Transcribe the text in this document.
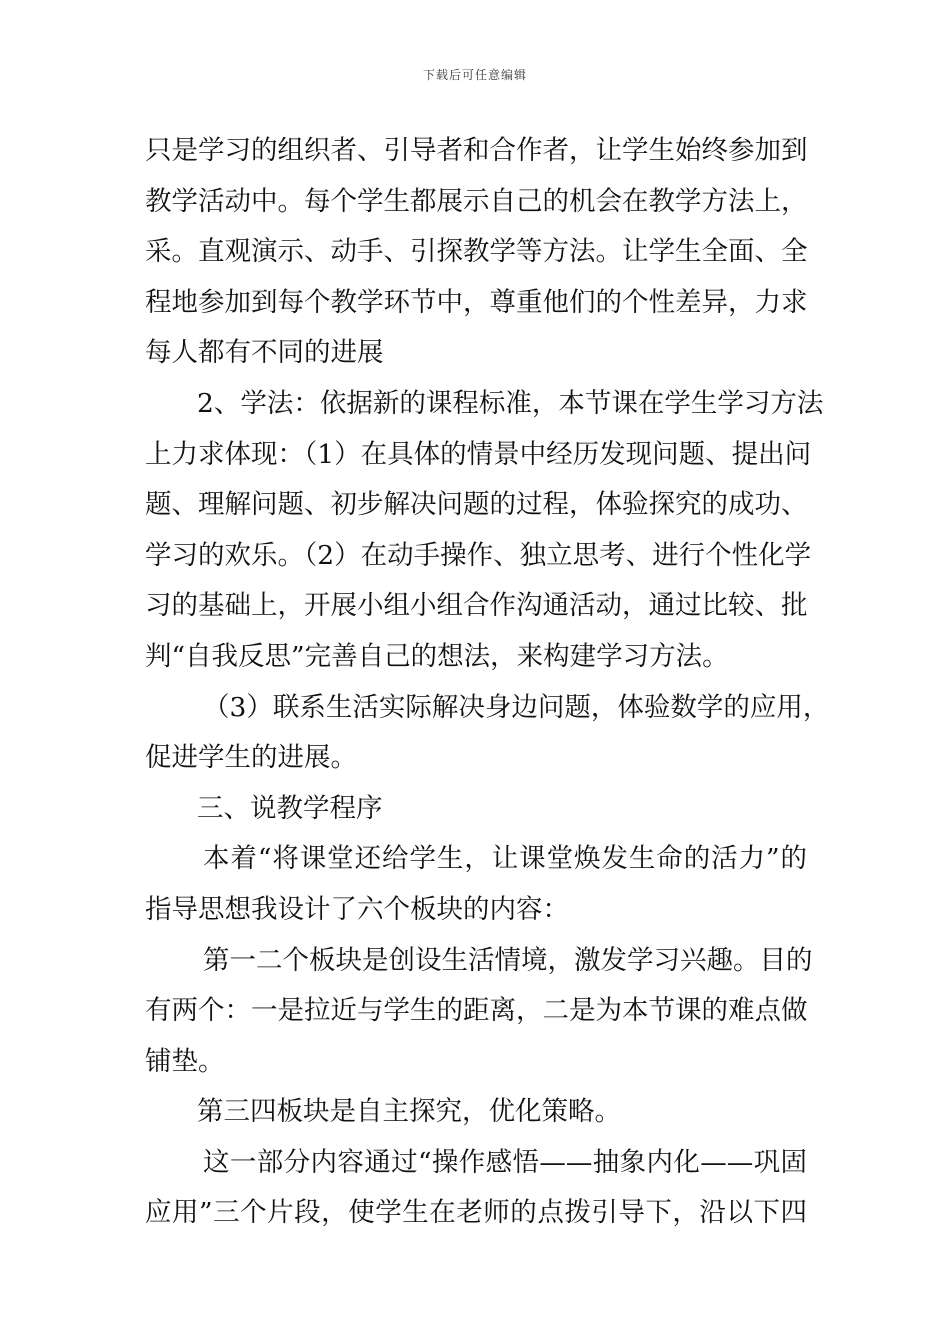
下载后可任意编辑
只是学习的组织者、引导者和合作者，让学生始终参加到
教学活动中。每个学生都展示自己的机会在教学方法上，
采。直观演示、动手、引探教学等方法。让学生全面、全
程地参加到每个教学环节中，尊重他们的个性差异，力求
每人都有不同的进展
2、学法：依据新的课程标准，本节课在学生学习方法
上力求体现：（1）在具体的情景中经历发现问题、提出问
题、理解问题、初步解决问题的过程，体验探究的成功、
学习的欢乐。（2）在动手操作、独立思考、进行个性化学
习的基础上，开展小组小组合作沟通活动，通过比较、批
判“自我反思”完善自己的想法，来构建学习方法。
（3）联系生活实际解决身边问题，体验数学的应用，
促进学生的进展。
三、说教学程序
本着“将课堂还给学生，让课堂焕发生命的活力”的
指导思想我设计了六个板块的内容：
第一二个板块是创设生活情境，激发学习兴趣。目的
有两个：一是拉近与学生的距离，二是为本节课的难点做
铺垫。
第三四板块是自主探究，优化策略。
这一部分内容通过“操作感悟——抽象内化——巩固
应用”三个片段，使学生在老师的点拨引导下，沿以下四
